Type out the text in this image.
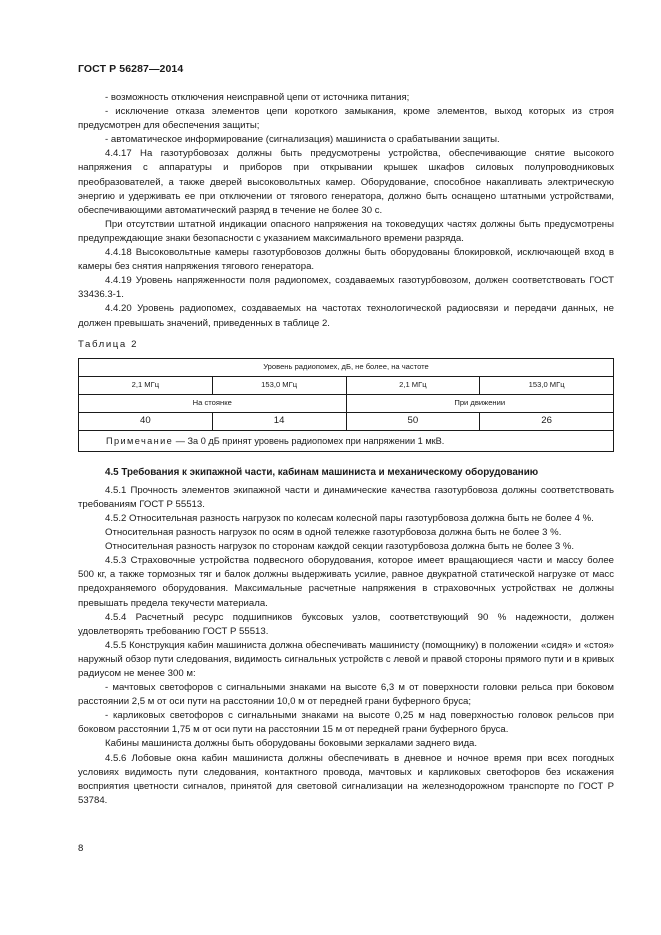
ГОСТ Р 56287—2014

- возможность отключения неисправной цепи от источника питания;

- исключение отказа элементов цепи короткого замыкания, кроме элементов, выход которых из строя предусмотрен для обеспечения защиты;

- автоматическое информирование (сигнализация) машиниста о срабатывании защиты.

4.4.17 На газотурбовозах должны быть предусмотрены устройства, обеспечивающие снятие высокого напряжения с аппаратуры и приборов при открывании крышек шкафов силовых полупроводниковых преобразователей, а также дверей высоковольтных камер. Оборудование, способное накапливать электрическую энергию и удерживать ее при отключении от тягового генератора, должно быть оснащено штатными устройствами, обеспечивающими автоматический разряд в течение не более 30 с.

При отсутствии штатной индикации опасного напряжения на токоведущих частях должны быть предусмотрены предупреждающие знаки безопасности с указанием максимального времени разряда.

4.4.18 Высоковольтные камеры газотурбовозов должны быть оборудованы блокировкой, исключающей вход в камеры без снятия напряжения тягового генератора.

4.4.19 Уровень напряженности поля радиопомех, создаваемых газотурбовозом, должен соответствовать ГОСТ 33436.3-1.

4.4.20 Уровень радиопомех, создаваемых на частотах технологической радиосвязи и передачи данных, не должен превышать значений, приведенных в таблице 2.

Таблица 2
Уровень радиопомех, дБ, не более, на частоте			
2,1 МГц	153,0 МГц	2,1 МГц	153,0 МГц
На стоянке		При движении	
40	14	50	26
Примечание — За 0 дБ принят уровень радиопомех при напряжении 1 мкВ.			
4.5 Требования к экипажной части, кабинам машиниста и механическому оборудованию

4.5.1 Прочность элементов экипажной части и динамические качества газотурбовоза должны соответствовать требованиям ГОСТ Р 55513.

4.5.2 Относительная разность нагрузок по колесам колесной пары газотурбовоза должна быть не более 4 %.

Относительная разность нагрузок по осям в одной тележке газотурбовоза должна быть не более 3 %.

Относительная разность нагрузок по сторонам каждой секции газотурбовоза должна быть не более 3 %.

4.5.3 Страховочные устройства подвесного оборудования, которое имеет вращающиеся части и массу более 500 кг, а также тормозных тяг и балок должны выдерживать усилие, равное двукратной статической нагрузке от масс предохраняемого оборудования. Максимальные расчетные напряжения в страховочных устройствах не должны превышать предела текучести материала.

4.5.4 Расчетный ресурс подшипников буксовых узлов, соответствующий 90 % надежности, должен удовлетворять требованию ГОСТ Р 55513.

4.5.5 Конструкция кабин машиниста должна обеспечивать машинисту (помощнику) в положении «сидя» и «стоя» наружный обзор пути следования, видимость сигнальных устройств с левой и правой стороны прямого пути и в кривых радиусом не менее 300 м:

- мачтовых светофоров с сигнальными знаками на высоте 6,3 м от поверхности головки рельса при боковом расстоянии 2,5 м от оси пути на расстоянии 10,0 м от передней грани буферного бруса;

- карликовых светофоров с сигнальными знаками на высоте 0,25 м над поверхностью головок рельсов при боковом расстоянии 1,75 м от оси пути на расстоянии 15 м от передней грани буферного бруса.

Кабины машиниста должны быть оборудованы боковыми зеркалами заднего вида.

4.5.6 Лобовые окна кабин машиниста должны обеспечивать в дневное и ночное время при всех погодных условиях видимость пути следования, контактного провода, мачтовых и карликовых светофоров без искажения восприятия цветности сигналов, принятой для световой сигнализации на железнодорожном транспорте по ГОСТ Р 53784.

8
